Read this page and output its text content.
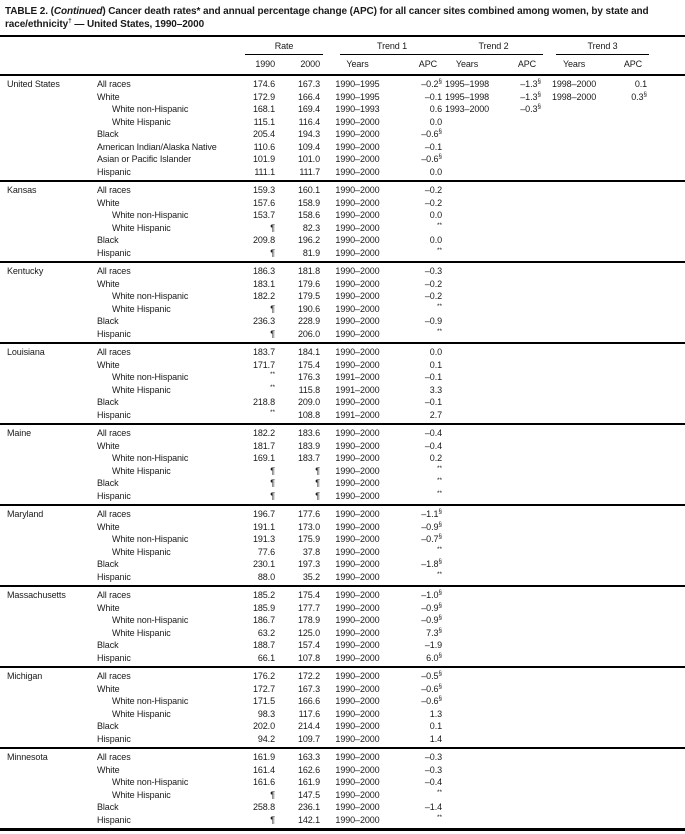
TABLE 2. (Continued) Cancer death rates* and annual percentage change (APC) for all cancer sites combined among women, by state and race/ethnicity† — United States, 1990–2000

		Rate		Trend 1		Trend 2		Trend 3		

		1990	2000	Years	APC	Years	APC	Years	APC	
United States	All races	174.6	167.3	1990–1995	–0.2§	1995–1998	–1.3§	1998–2000	0.1	
	White	172.9	166.4	1990–1995	–0.1	1995–1998	–1.3§	1998–2000	0.3§	
	White non-Hispanic	168.1	169.4	1990–1993	0.6	1993–2000	–0.3§			
	White Hispanic	115.1	116.4	1990–2000	0.0					
	Black	205.4	194.3	1990–2000	–0.6§					
	American Indian/Alaska Native	110.6	109.4	1990–2000	–0.1					
	Asian or Pacific Islander	101.9	101.0	1990–2000	–0.6§					
	Hispanic	111.1	111.7	1990–2000	0.0					
Kansas	All races	159.3	160.1	1990–2000	–0.2					
	White	157.6	158.9	1990–2000	–0.2					
	White non-Hispanic	153.7	158.6	1990–2000	0.0					
	White Hispanic	¶	82.3	1990–2000	**					
	Black	209.8	196.2	1990–2000	0.0					
	Hispanic	¶	81.9	1990–2000	**					
Kentucky	All races	186.3	181.8	1990–2000	–0.3					
	White	183.1	179.6	1990–2000	–0.2					
	White non-Hispanic	182.2	179.5	1990–2000	–0.2					
	White Hispanic	¶	190.6	1990–2000	**					
	Black	236.3	228.9	1990–2000	–0.9					
	Hispanic	¶	206.0	1990–2000	**					
Louisiana	All races	183.7	184.1	1990–2000	0.0					
	White	171.7	175.4	1990–2000	0.1					
	White non-Hispanic	**	176.3	1991–2000	–0.1					
	White Hispanic	**	115.8	1991–2000	3.3					
	Black	218.8	209.0	1990–2000	–0.1					
	Hispanic	**	108.8	1991–2000	2.7					
Maine	All races	182.2	183.6	1990–2000	–0.4					
	White	181.7	183.9	1990–2000	–0.4					
	White non-Hispanic	169.1	183.7	1990–2000	0.2					
	White Hispanic	¶	¶	1990–2000	**					
	Black	¶	¶	1990–2000	**					
	Hispanic	¶	¶	1990–2000	**					
Maryland	All races	196.7	177.6	1990–2000	–1.1§					
	White	191.1	173.0	1990–2000	–0.9§					
	White non-Hispanic	191.3	175.9	1990–2000	–0.7§					
	White Hispanic	77.6	37.8	1990–2000	**					
	Black	230.1	197.3	1990–2000	–1.8§					
	Hispanic	88.0	35.2	1990–2000	**					
Massachusetts	All races	185.2	175.4	1990–2000	–1.0§					
	White	185.9	177.7	1990–2000	–0.9§					
	White non-Hispanic	186.7	178.9	1990–2000	–0.9§					
	White Hispanic	63.2	125.0	1990–2000	7.3§					
	Black	188.7	157.4	1990–2000	–1.9					
	Hispanic	66.1	107.8	1990–2000	6.0§					
Michigan	All races	176.2	172.2	1990–2000	–0.5§					
	White	172.7	167.3	1990–2000	–0.6§					
	White non-Hispanic	171.5	166.6	1990–2000	–0.6§					
	White Hispanic	98.3	117.6	1990–2000	1.3					
	Black	202.0	214.4	1990–2000	0.1					
	Hispanic	94.2	109.7	1990–2000	1.4					
Minnesota	All races	161.9	163.3	1990–2000	–0.3					
	White	161.4	162.6	1990–2000	–0.3					
	White non-Hispanic	161.6	161.9	1990–2000	–0.4					
	White Hispanic	¶	147.5	1990–2000	**					
	Black	258.8	236.1	1990–2000	–1.4					
	Hispanic	¶	142.1	1990–2000	**					
